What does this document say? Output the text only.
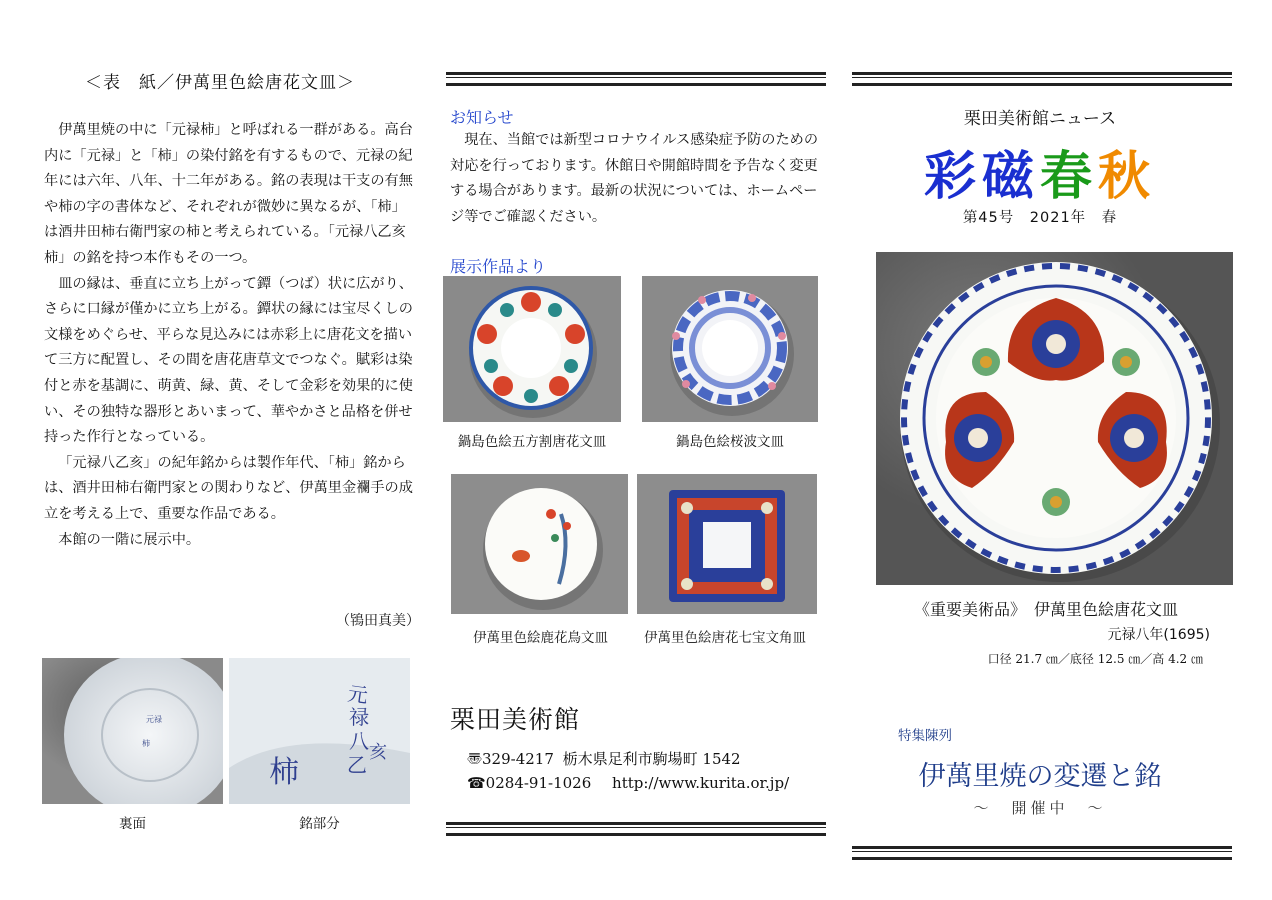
＜表　紙／伊萬里色絵唐花文皿＞

伊萬里焼の中に「元禄柿」と呼ばれる一群がある。高台内に「元禄」と「柿」の染付銘を有するもので、元禄の紀年には六年、八年、十二年がある。銘の表現は干支の有無や柿の字の書体など、それぞれが微妙に異なるが、「柿」は酒井田柿右衛門家の柿と考えられている。「元禄八乙亥　柿」の銘を持つ本作もその一つ。

皿の縁は、垂直に立ち上がって鐔（つば）状に広がり、さらに口縁が僅かに立ち上がる。鐔状の縁には宝尽くしの文様をめぐらせ、平らな見込みには赤彩上に唐花文を描いて三方に配置し、その間を唐花唐草文でつなぐ。賦彩は染付と赤を基調に、萌黄、緑、黄、そして金彩を効果的に使い、その独特な器形とあいまって、華やかさと品格を併せ持った作行となっている。

「元禄八乙亥」の紀年銘からは製作年代、「柿」銘からは、酒井田柿右衛門家との関わりなど、伊萬里金襴手の成立を考える上で、重要な作品である。

本館の一階に展示中。

（鴇田真美）
元禄
柿
裏面
元
禄
八
乙
亥
柿
銘部分
お知らせ

現在、当館では新型コロナウイルス感染症予防のための対応を行っております。休館日や開館時間を予告なく変更する場合があります。最新の状況については、ホームページ等でご確認ください。

展示作品より
鍋島色絵五方割唐花文皿	鍋島色絵桜波文皿
伊萬里色絵鹿花鳥文皿	伊萬里色絵唐花七宝文角皿
栗田美術館
〠329-4217 栃木県足利市駒場町 1542
☎0284-91-1026 http://www.kurita.or.jp/
栗田美術館ニュース
彩磁春秋
第45号　2021年　春
《重要美術品》　伊萬里色絵唐花文皿
元禄八年(1695)
口径 21.7 ㎝／底径 12.5 ㎝／高 4.2 ㎝
特集陳列
伊萬里焼の変遷と銘
～　開催中　～
